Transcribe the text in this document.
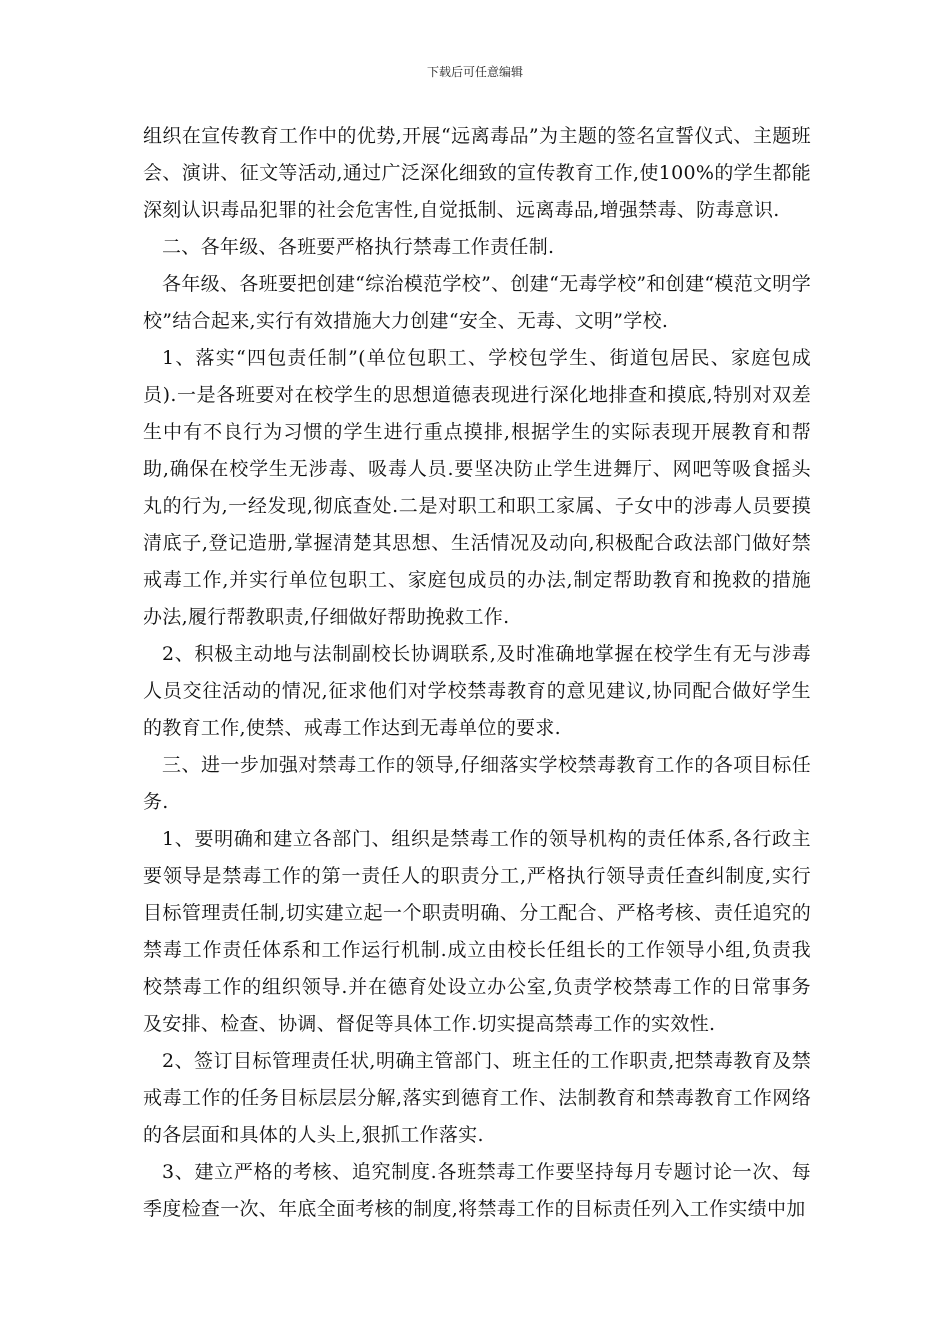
下载后可任意编辑

组织在宣传教育工作中的优势,开展“远离毒品”为主题的签名宣誓仪式、主题班会、演讲、征文等活动,通过广泛深化细致的宣传教育工作,使100%的学生都能深刻认识毒品犯罪的社会危害性,自觉抵制、远离毒品,增强禁毒、防毒意识.

二、各年级、各班要严格执行禁毒工作责任制.

各年级、各班要把创建“综治模范学校”、创建“无毒学校”和创建“模范文明学校”结合起来,实行有效措施大力创建“安全、无毒、文明”学校.

1、落实“四包责任制”(单位包职工、学校包学生、街道包居民、家庭包成员).一是各班要对在校学生的思想道德表现进行深化地排查和摸底,特别对双差生中有不良行为习惯的学生进行重点摸排,根据学生的实际表现开展教育和帮助,确保在校学生无涉毒、吸毒人员.要坚决防止学生进舞厅、网吧等吸食摇头丸的行为,一经发现,彻底查处.二是对职工和职工家属、子女中的涉毒人员要摸清底子,登记造册,掌握清楚其思想、生活情况及动向,积极配合政法部门做好禁戒毒工作,并实行单位包职工、家庭包成员的办法,制定帮助教育和挽救的措施办法,履行帮教职责,仔细做好帮助挽救工作.

2、积极主动地与法制副校长协调联系,及时准确地掌握在校学生有无与涉毒人员交往活动的情况,征求他们对学校禁毒教育的意见建议,协同配合做好学生的教育工作,使禁、戒毒工作达到无毒单位的要求.

三、进一步加强对禁毒工作的领导,仔细落实学校禁毒教育工作的各项目标任务.

1、要明确和建立各部门、组织是禁毒工作的领导机构的责任体系,各行政主要领导是禁毒工作的第一责任人的职责分工,严格执行领导责任查纠制度,实行目标管理责任制,切实建立起一个职责明确、分工配合、严格考核、责任追究的禁毒工作责任体系和工作运行机制.成立由校长任组长的工作领导小组,负责我校禁毒工作的组织领导.并在德育处设立办公室,负责学校禁毒工作的日常事务及安排、检查、协调、督促等具体工作.切实提高禁毒工作的实效性.

2、签订目标管理责任状,明确主管部门、班主任的工作职责,把禁毒教育及禁戒毒工作的任务目标层层分解,落实到德育工作、法制教育和禁毒教育工作网络的各层面和具体的人头上,狠抓工作落实.

3、建立严格的考核、追究制度.各班禁毒工作要坚持每月专题讨论一次、每季度检查一次、年底全面考核的制度,将禁毒工作的目标责任列入工作实绩中加
